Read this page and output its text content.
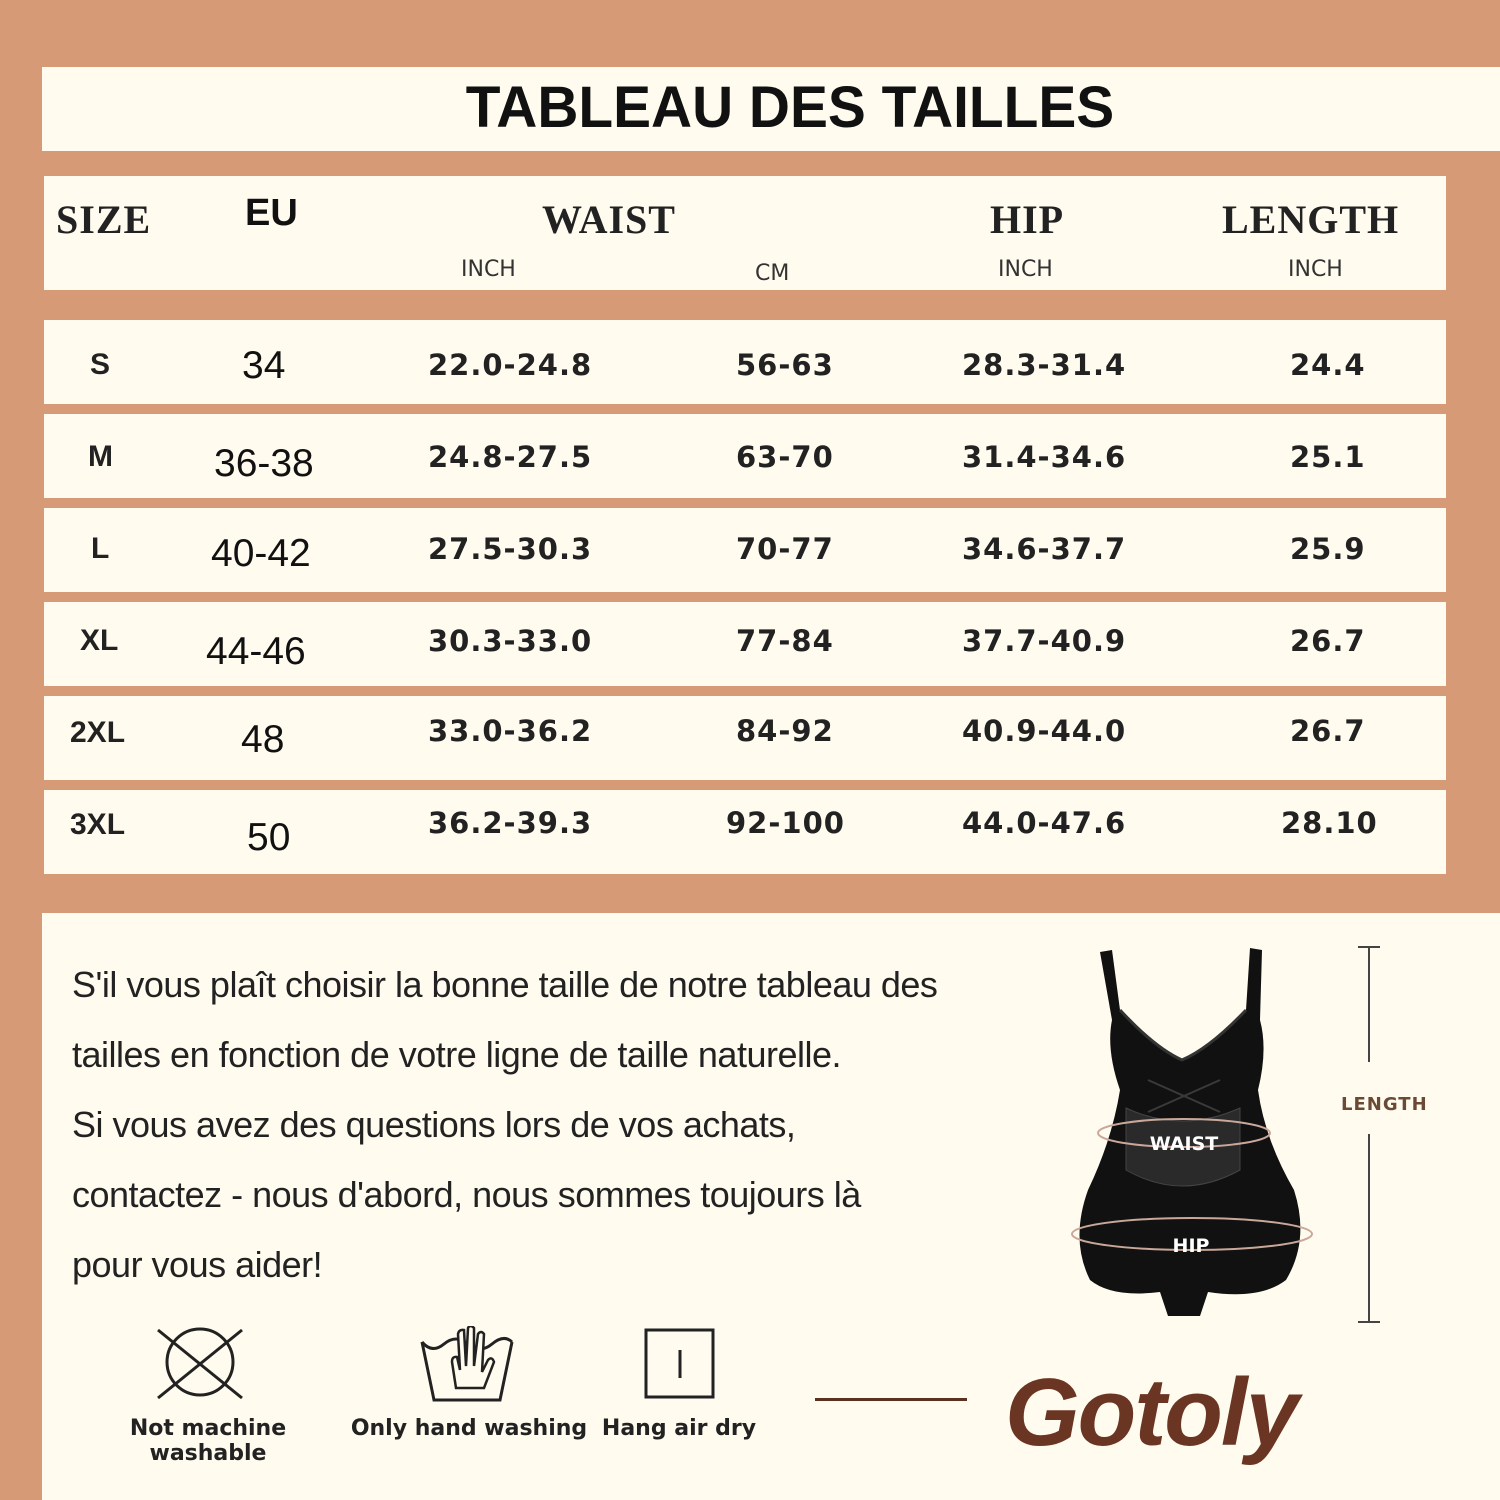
TABLEAU DES TAILLES
SIZE EU	WAIST	HIP	LENGTH
INCH	CM	INCH	INCH
S	34	22.0-24.8	56-63	28.3-31.4	24.4
M	36-38	24.8-27.5	63-70	31.4-34.6	25.1
L	40-42	27.5-30.3	70-77	34.6-37.7	25.9
XL 44-46	30.3-33.0	77-84	37.7-40.9	26.7
2XL	48	33.0-36.2	84-92	40.9-44.0	26.7
3XL	50	36.2-39.3	92-100	44.0-47.6	28.10
S'il vous plaît choisir la bonne taille de notre tableau des
tailles en fonction de votre ligne de taille naturelle.
Si vous avez des questions lors de vos achats,
contactez - nous d'abord, nous sommes toujours là
pour vous aider!
Not machine washable
Only hand washing Hang air dry	Gotoly
WAIST
HIP
LENGTH
